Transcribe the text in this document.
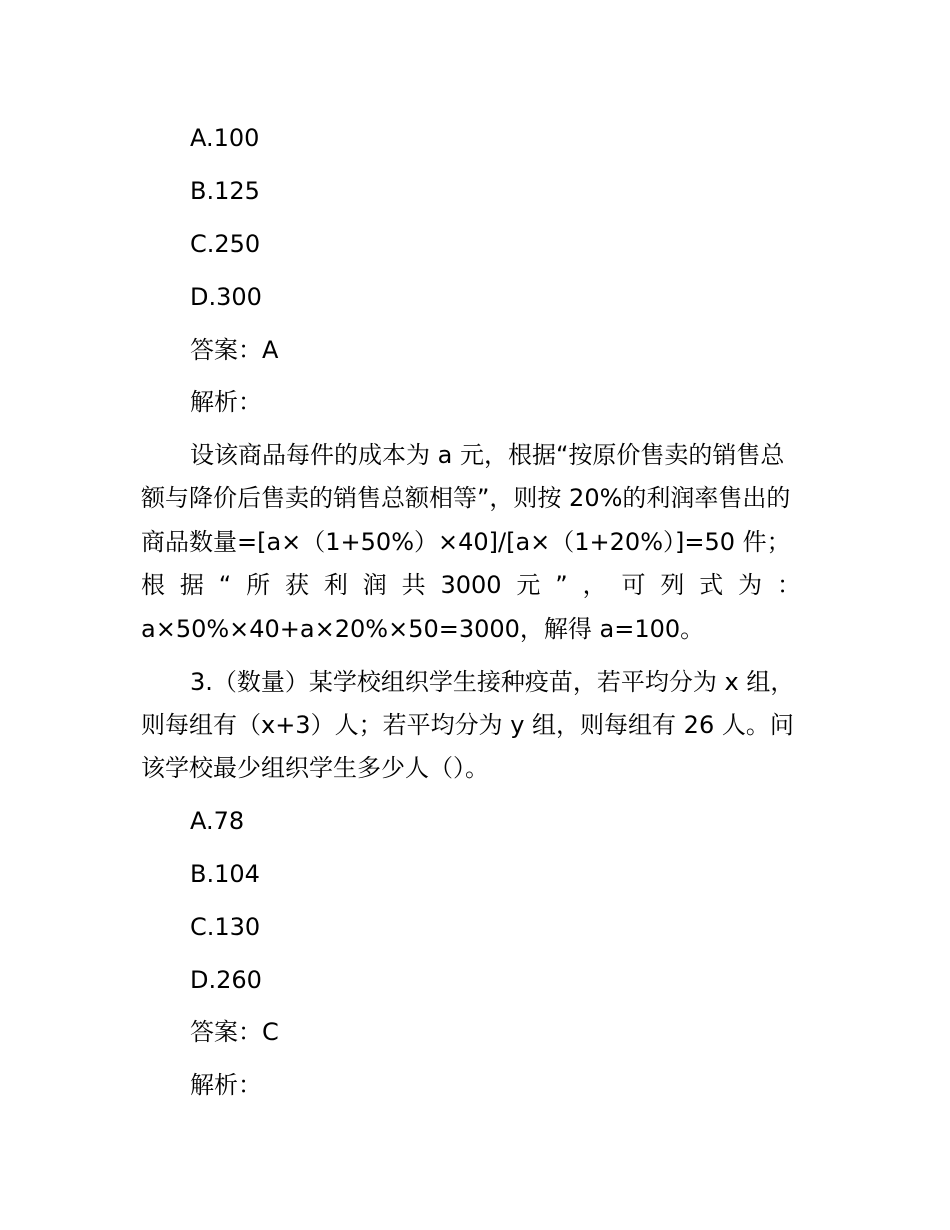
A.100
B.125
C.250
D.300
答案：A
解析：
设该商品每件的成本为 a 元，根据“按原价售卖的销售总
额与降价后售卖的销售总额相等”，则按 20%的利润率售出的
商品数量=[a×（1+50%）×40]/[a×（1+20%）]=50 件；
根 据 “ 所 获 利 润 共 3000 元 ” ， 可 列 式 为 ：
a×50%×40+a×20%×50=3000，解得 a=100。
3.（数量）某学校组织学生接种疫苗，若平均分为 x 组，
则每组有（x+3）人；若平均分为 y 组，则每组有 26 人。问
该学校最少组织学生多少人（）。
A.78
B.104
C.130
D.260
答案：C
解析：
